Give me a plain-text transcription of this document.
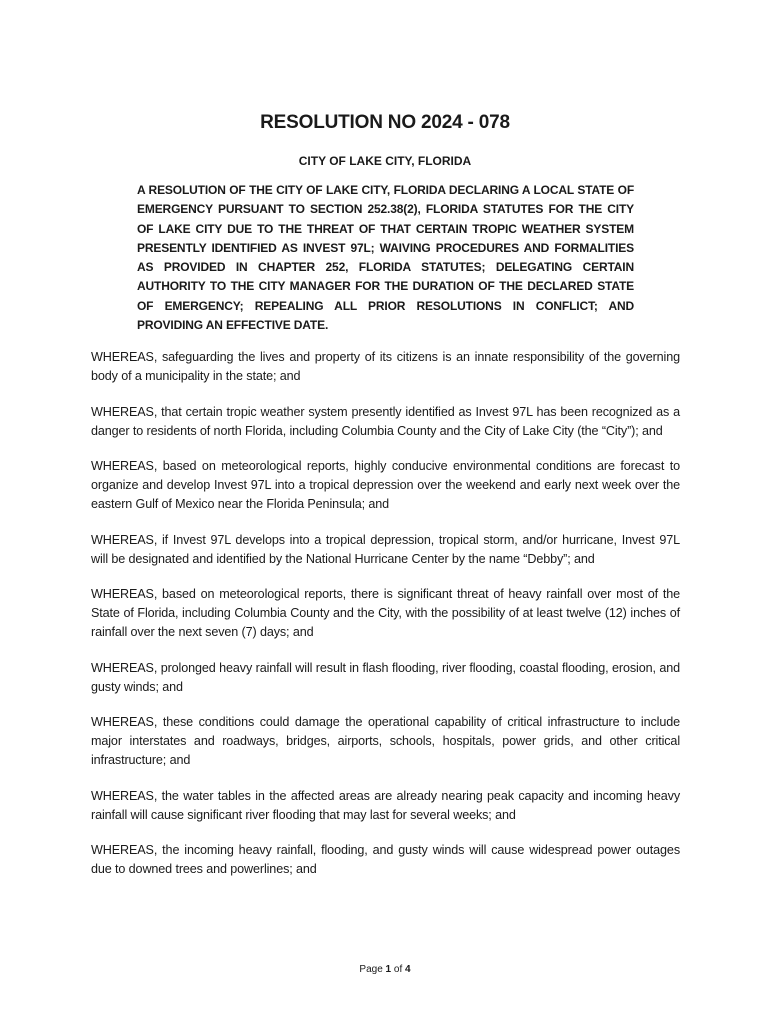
RESOLUTION NO 2024 - 078
CITY OF LAKE CITY, FLORIDA
A RESOLUTION OF THE CITY OF LAKE CITY, FLORIDA DECLARING A LOCAL STATE OF EMERGENCY PURSUANT TO SECTION 252.38(2), FLORIDA STATUTES FOR THE CITY OF LAKE CITY DUE TO THE THREAT OF THAT CERTAIN TROPIC WEATHER SYSTEM PRESENTLY IDENTIFIED AS INVEST 97L; WAIVING PROCEDURES AND FORMALITIES AS PROVIDED IN CHAPTER 252, FLORIDA STATUTES; DELEGATING CERTAIN AUTHORITY TO THE CITY MANAGER FOR THE DURATION OF THE DECLARED STATE OF EMERGENCY; REPEALING ALL PRIOR RESOLUTIONS IN CONFLICT; AND PROVIDING AN EFFECTIVE DATE.

WHEREAS, safeguarding the lives and property of its citizens is an innate responsibility of the governing body of a municipality in the state; and

WHEREAS, that certain tropic weather system presently identified as Invest 97L has been recognized as a danger to residents of north Florida, including Columbia County and the City of Lake City (the “City”); and

WHEREAS, based on meteorological reports, highly conducive environmental conditions are forecast to organize and develop Invest 97L into a tropical depression over the weekend and early next week over the eastern Gulf of Mexico near the Florida Peninsula; and

WHEREAS, if Invest 97L develops into a tropical depression, tropical storm, and/or hurricane, Invest 97L will be designated and identified by the National Hurricane Center by the name “Debby”; and

WHEREAS, based on meteorological reports, there is significant threat of heavy rainfall over most of the State of Florida, including Columbia County and the City, with the possibility of at least twelve (12) inches of rainfall over the next seven (7) days; and

WHEREAS, prolonged heavy rainfall will result in flash flooding, river flooding, coastal flooding, erosion, and gusty winds; and

WHEREAS, these conditions could damage the operational capability of critical infrastructure to include major interstates and roadways, bridges, airports, schools, hospitals, power grids, and other critical infrastructure; and

WHEREAS, the water tables in the affected areas are already nearing peak capacity and incoming heavy rainfall will cause significant river flooding that may last for several weeks; and

WHEREAS, the incoming heavy rainfall, flooding, and gusty winds will cause widespread power outages due to downed trees and powerlines; and

Page 1 of 4
